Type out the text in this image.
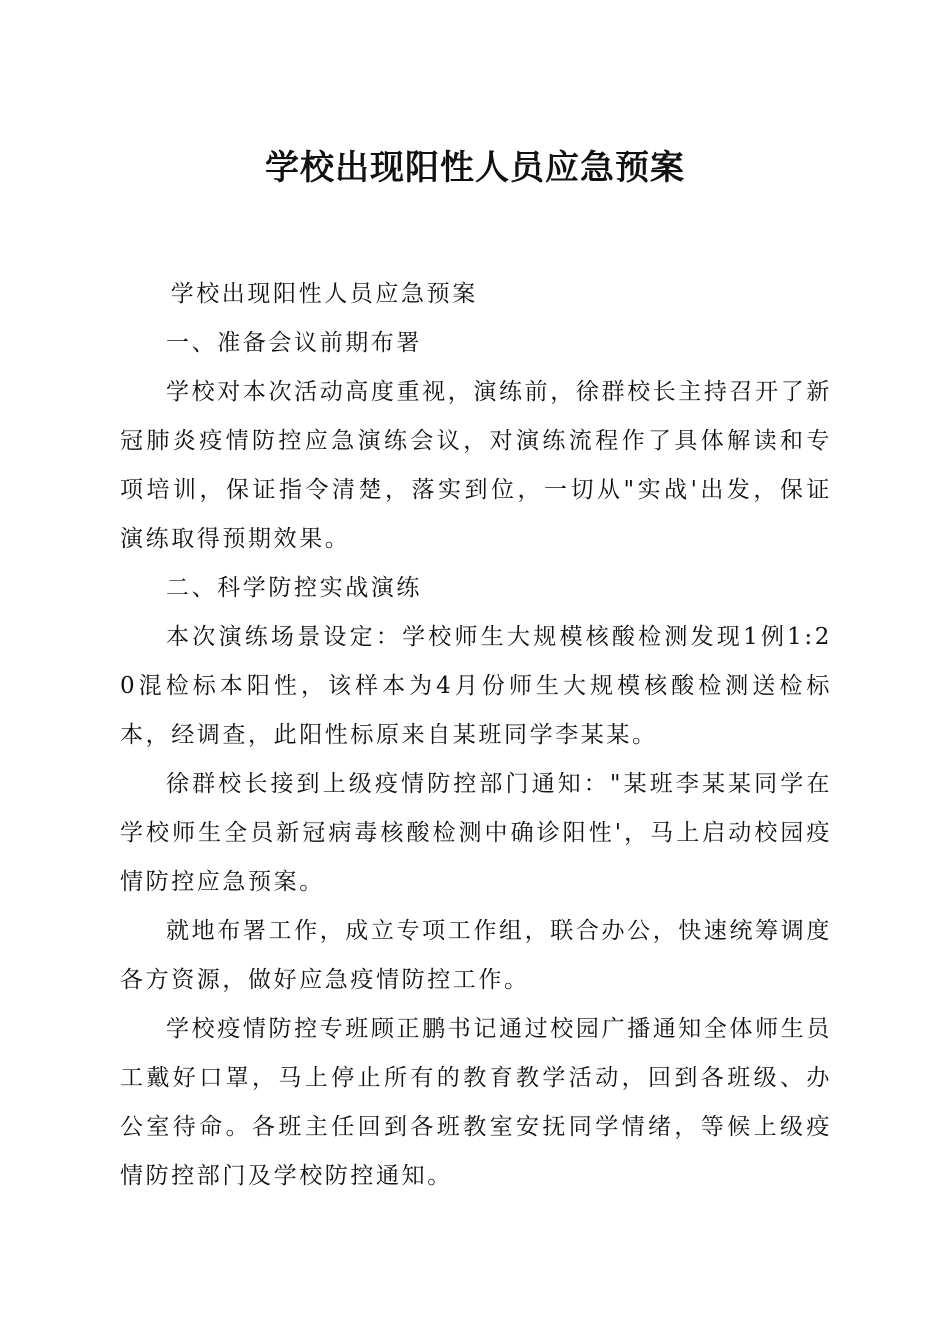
学校出现阳性人员应急预案

学校出现阳性人员应急预案

一、准备会议前期布署

学校对本次活动高度重视，演练前，徐群校长主持召开了新冠肺炎疫情防控应急演练会议，对演练流程作了具体解读和专项培训，保证指令清楚，落实到位，一切从"实战'出发，保证演练取得预期效果。

二、科学防控实战演练

本次演练场景设定：学校师生大规模核酸检测发现1例1:20混检标本阳性，该样本为4月份师生大规模核酸检测送检标本，经调查，此阳性标原来自某班同学李某某。

徐群校长接到上级疫情防控部门通知："某班李某某同学在学校师生全员新冠病毒核酸检测中确诊阳性'，马上启动校园疫情防控应急预案。

就地布署工作，成立专项工作组，联合办公，快速统筹调度各方资源，做好应急疫情防控工作。

学校疫情防控专班顾正鹏书记通过校园广播通知全体师生员工戴好口罩，马上停止所有的教育教学活动，回到各班级、办公室待命。各班主任回到各班教室安抚同学情绪，等候上级疫情防控部门及学校防控通知。
